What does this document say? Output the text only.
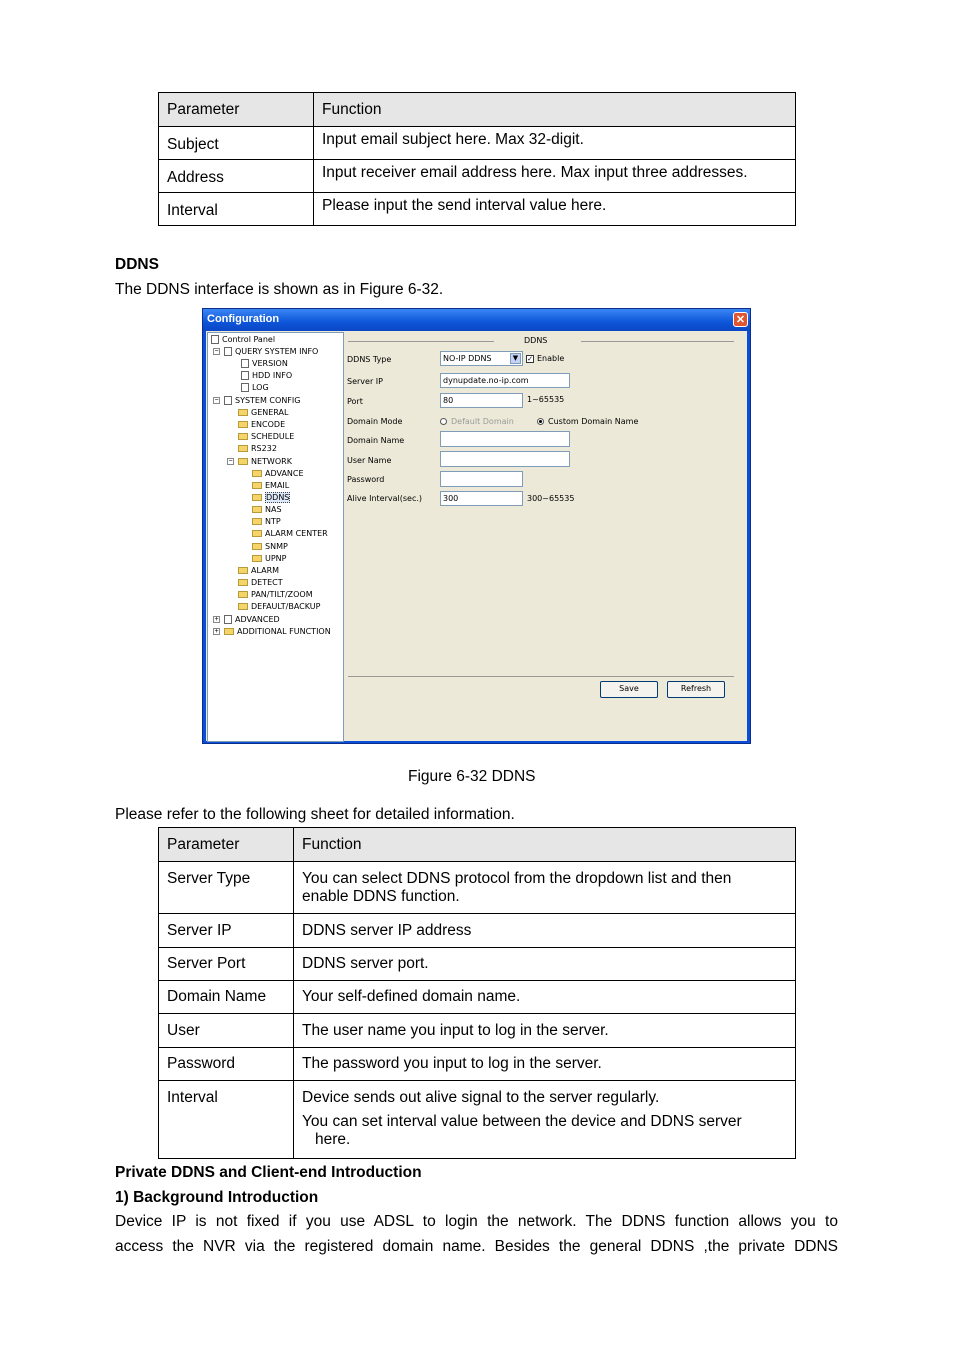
Parameter	Function
Subject	Input email subject here. Max 32-digit.
Address	Input receiver email address here. Max input three addresses.
Interval	Please input the send interval value here.
DDNS
The DDNS interface is shown as in Figure 6-32.
Configuration	✕
Control Panel
−	QUERY SYSTEM INFO
VERSION
HDD INFO
LOG
−	SYSTEM CONFIG
GENERAL
ENCODE
SCHEDULE
RS232
−	NETWORK
ADVANCE
EMAIL
DDNS
NAS
NTP
ALARM CENTER
SNMP
UPNP
ALARM
DETECT
PAN/TILT/ZOOM
DEFAULT/BACKUP
+	ADVANCED
+	ADDITIONAL FUNCTION
DDNS
DDNS Type	NO-IP DDNS	▼	✓ Enable
Server IP	dynupdate.no-ip.com
Port	80	1~65535
Domain Mode	Default Domain	Custom Domain Name
Domain Name
User Name
Password
Alive Interval(sec.)	300	300~65535
Save	Refresh
Figure 6-32 DDNS
Please refer to the following sheet for detailed information.
Parameter	Function
Server Type	You can select DDNS protocol from the dropdown list and then
enable DDNS function.

Server IP	DDNS server IP address
Server Port	DDNS server port.
Domain Name	Your self-defined domain name.
User	The user name you input to log in the server.
Password	The password you input to log in the server.
Interval	Device sends out alive signal to the server regularly.
You can set interval value between the device and DDNS server
here.
Private DDNS and Client-end Introduction
1) Background Introduction
Device IP is not fixed if you use ADSL to login the network. The DDNS function allows you to
access the NVR via the registered domain name. Besides the general DDNS ,the private DDNS
